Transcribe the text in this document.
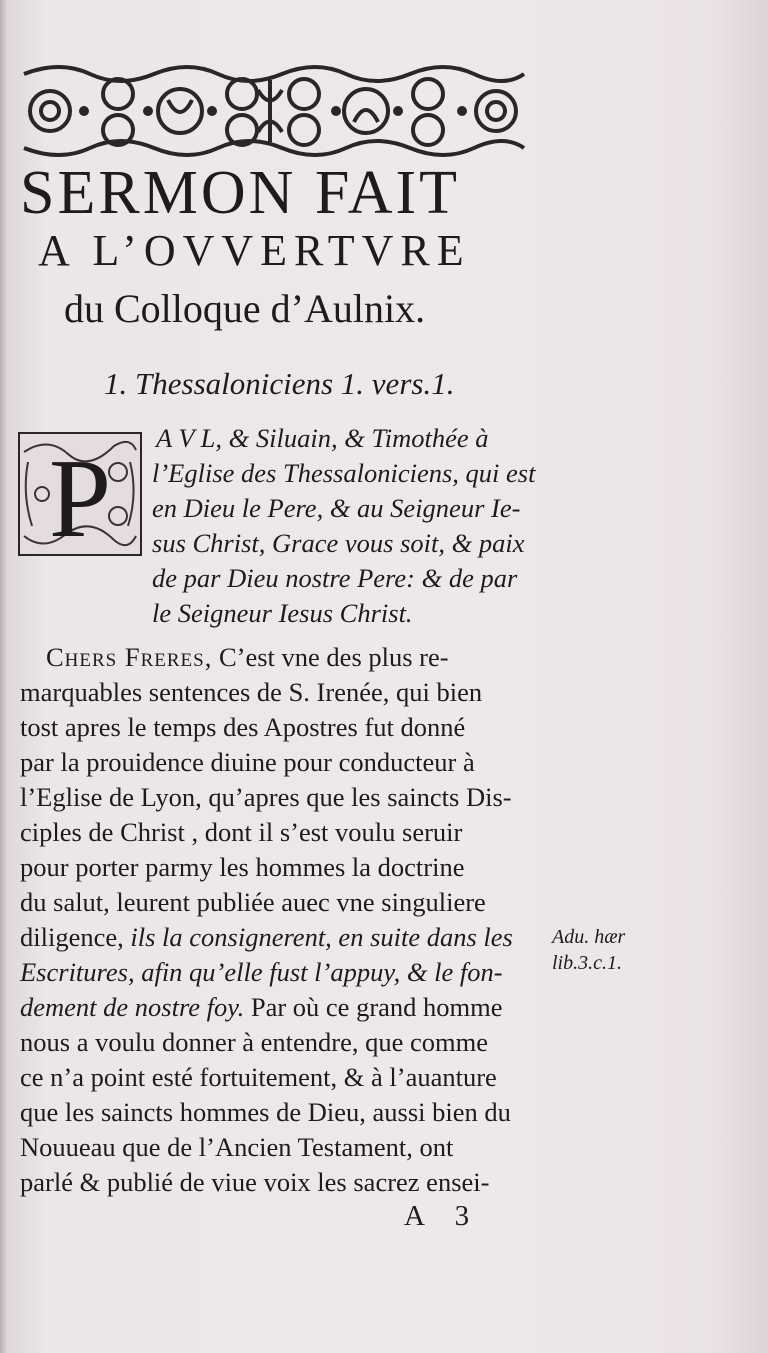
SERMON FAIT
A L’OVVERTVRE
du Colloque d’Aulnix.
1. Thessaloniciens 1. vers.1.
P A V L, & Siluain, & Timothée à
l’Eglise des Thessaloniciens, qui est
en Dieu le Pere, & au Seigneur Ie-
sus Christ, Grace vous soit, & paix
de par Dieu nostre Pere: & de par
le Seigneur Iesus Christ.
Chers Freres, C’est vne des plus re-
marquables sentences de S. Irenée, qui bien
tost apres le temps des Apostres fut donné
par la prouidence diuine pour conducteur à
l’Eglise de Lyon, qu’apres que les saincts Dis-
ciples de Christ , dont il s’est voulu seruir
pour porter parmy les hommes la doctrine
du salut, leurent publiée auec vne singuliere
diligence, ils la consignerent, en suite dans les
Escritures, afin qu’elle fust l’appuy, & le fon-
dement de nostre foy. Par où ce grand homme
nous a voulu donner à entendre, que comme
ce n’a point esté fortuitement, & à l’auanture
que les saincts hommes de Dieu, aussi bien du
Nouueau que de l’Ancien Testament, ont
parlé & publié de viue voix les sacrez ensei-
Adu. hær
lib.3.c.1.
A 3
